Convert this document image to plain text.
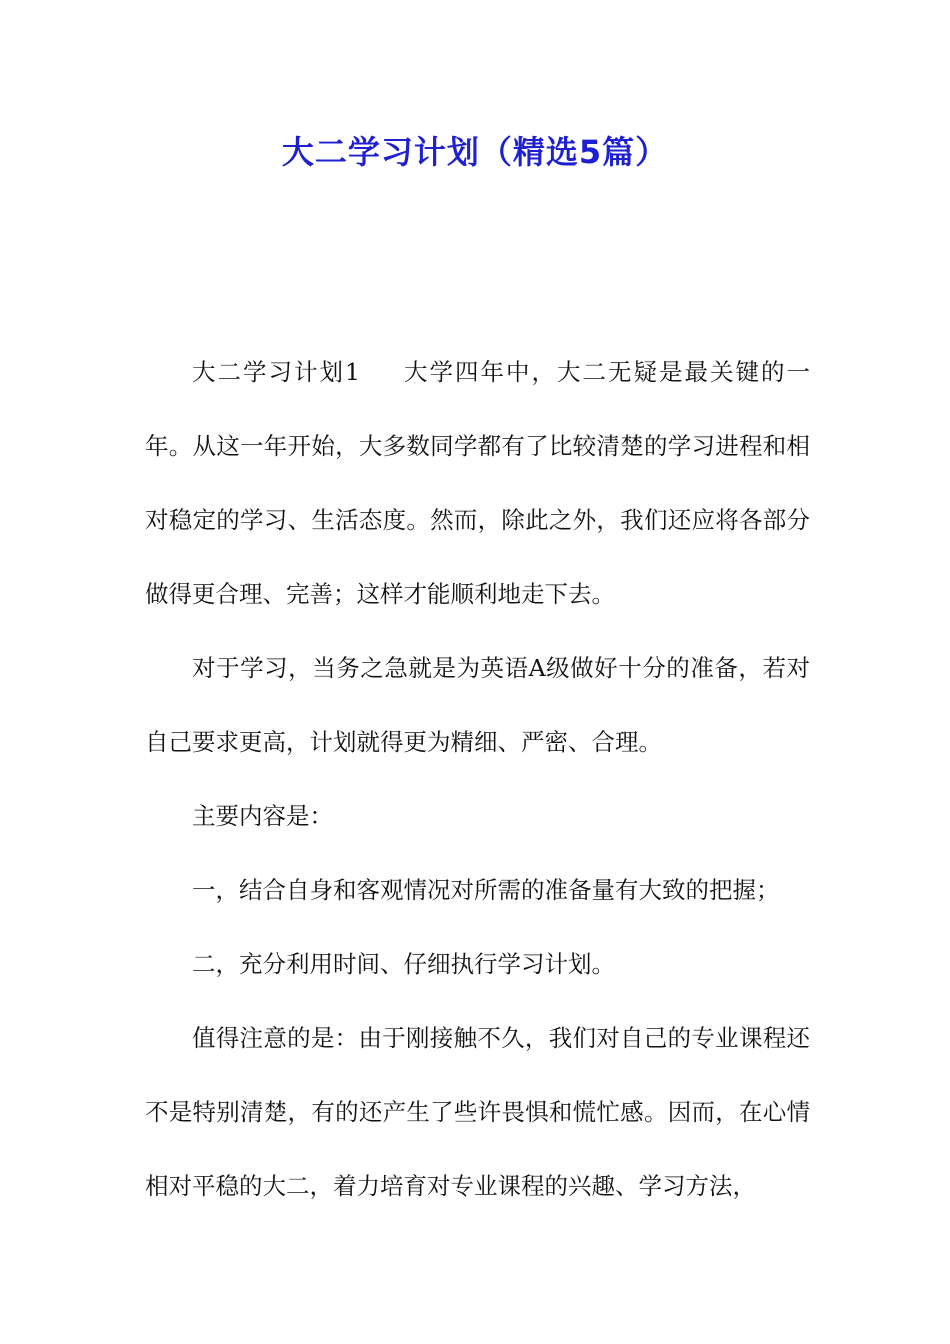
大二学习计划（精选5篇）

大二学习计划1 大学四年中，大二无疑是最关键的一年。从这一年开始，大多数同学都有了比较清楚的学习进程和相对稳定的学习、生活态度。然而，除此之外，我们还应将各部分做得更合理、完善；这样才能顺利地走下去。

对于学习，当务之急就是为英语A级做好十分的准备，若对自己要求更高，计划就得更为精细、严密、合理。

主要内容是：

一，结合自身和客观情况对所需的准备量有大致的把握；

二，充分利用时间、仔细执行学习计划。

值得注意的是：由于刚接触不久，我们对自己的专业课程还不是特别清楚，有的还产生了些许畏惧和慌忙感。因而，在心情相对平稳的大二，着力培育对专业课程的兴趣、学习方法，
